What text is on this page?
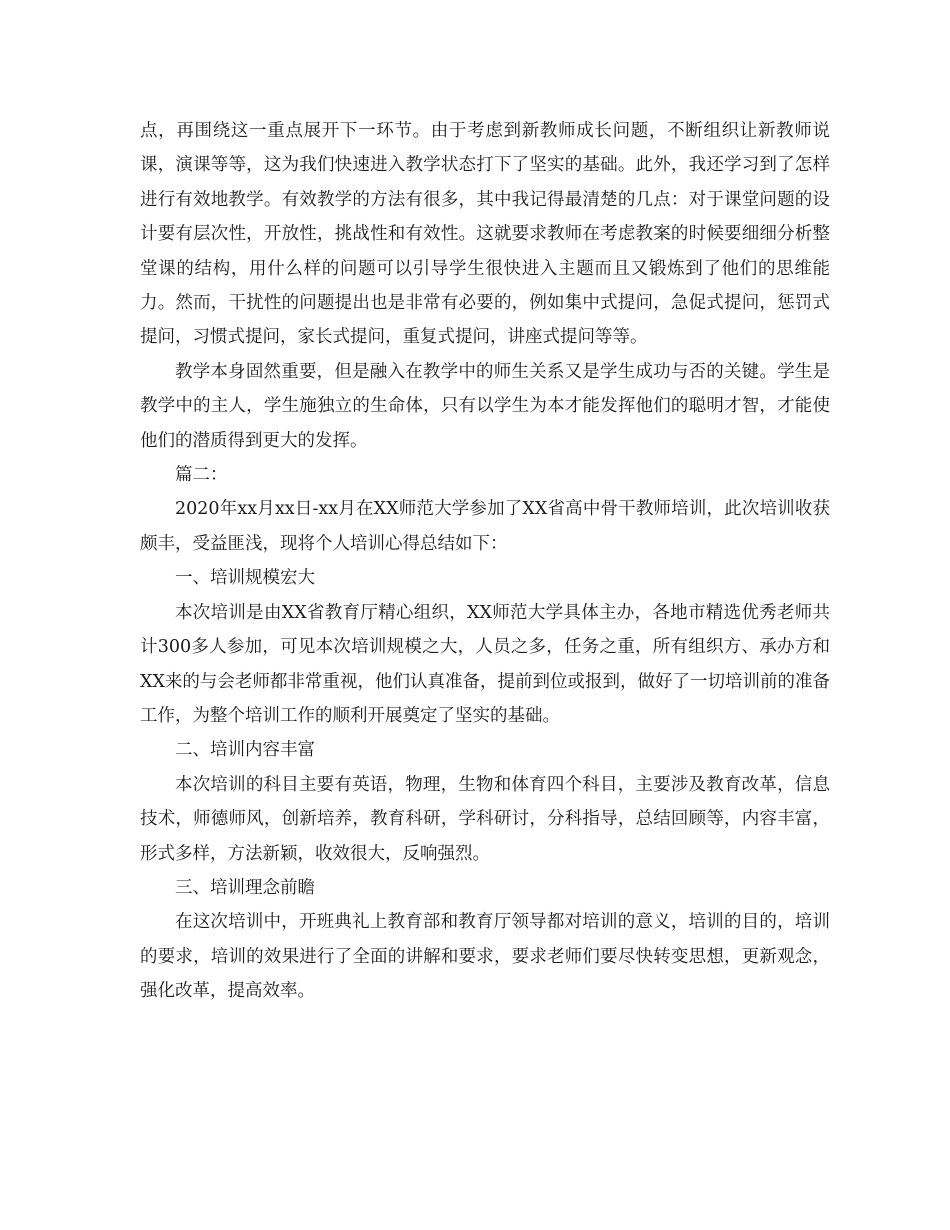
点，再围绕这一重点展开下一环节。由于考虑到新教师成长问题，不断组织让新教师说课，演课等等，这为我们快速进入教学状态打下了坚实的基础。此外，我还学习到了怎样进行有效地教学。有效教学的方法有很多，其中我记得最清楚的几点：对于课堂问题的设计要有层次性，开放性，挑战性和有效性。这就要求教师在考虑教案的时候要细细分析整堂课的结构，用什么样的问题可以引导学生很快进入主题而且又锻炼到了他们的思维能力。然而，干扰性的问题提出也是非常有必要的，例如集中式提问，急促式提问，惩罚式提问，习惯式提问，家长式提问，重复式提问，讲座式提问等等。

教学本身固然重要，但是融入在教学中的师生关系又是学生成功与否的关键。学生是教学中的主人，学生施独立的生命体，只有以学生为本才能发挥他们的聪明才智，才能使他们的潜质得到更大的发挥。

篇二：

2020年xx月xx日-xx月在XX师范大学参加了XX省高中骨干教师培训，此次培训收获颇丰，受益匪浅，现将个人培训心得总结如下：

一、培训规模宏大

本次培训是由XX省教育厅精心组织，XX师范大学具体主办，各地市精选优秀老师共计300多人参加，可见本次培训规模之大，人员之多，任务之重，所有组织方、承办方和XX来的与会老师都非常重视，他们认真准备，提前到位或报到，做好了一切培训前的准备工作，为整个培训工作的顺利开展奠定了坚实的基础。

二、培训内容丰富

本次培训的科目主要有英语，物理，生物和体育四个科目，主要涉及教育改革，信息技术，师德师风，创新培养，教育科研，学科研讨，分科指导，总结回顾等，内容丰富，形式多样，方法新颖，收效很大，反响强烈。

三、培训理念前瞻

在这次培训中，开班典礼上教育部和教育厅领导都对培训的意义，培训的目的，培训的要求，培训的效果进行了全面的讲解和要求，要求老师们要尽快转变思想，更新观念，强化改革，提高效率。
